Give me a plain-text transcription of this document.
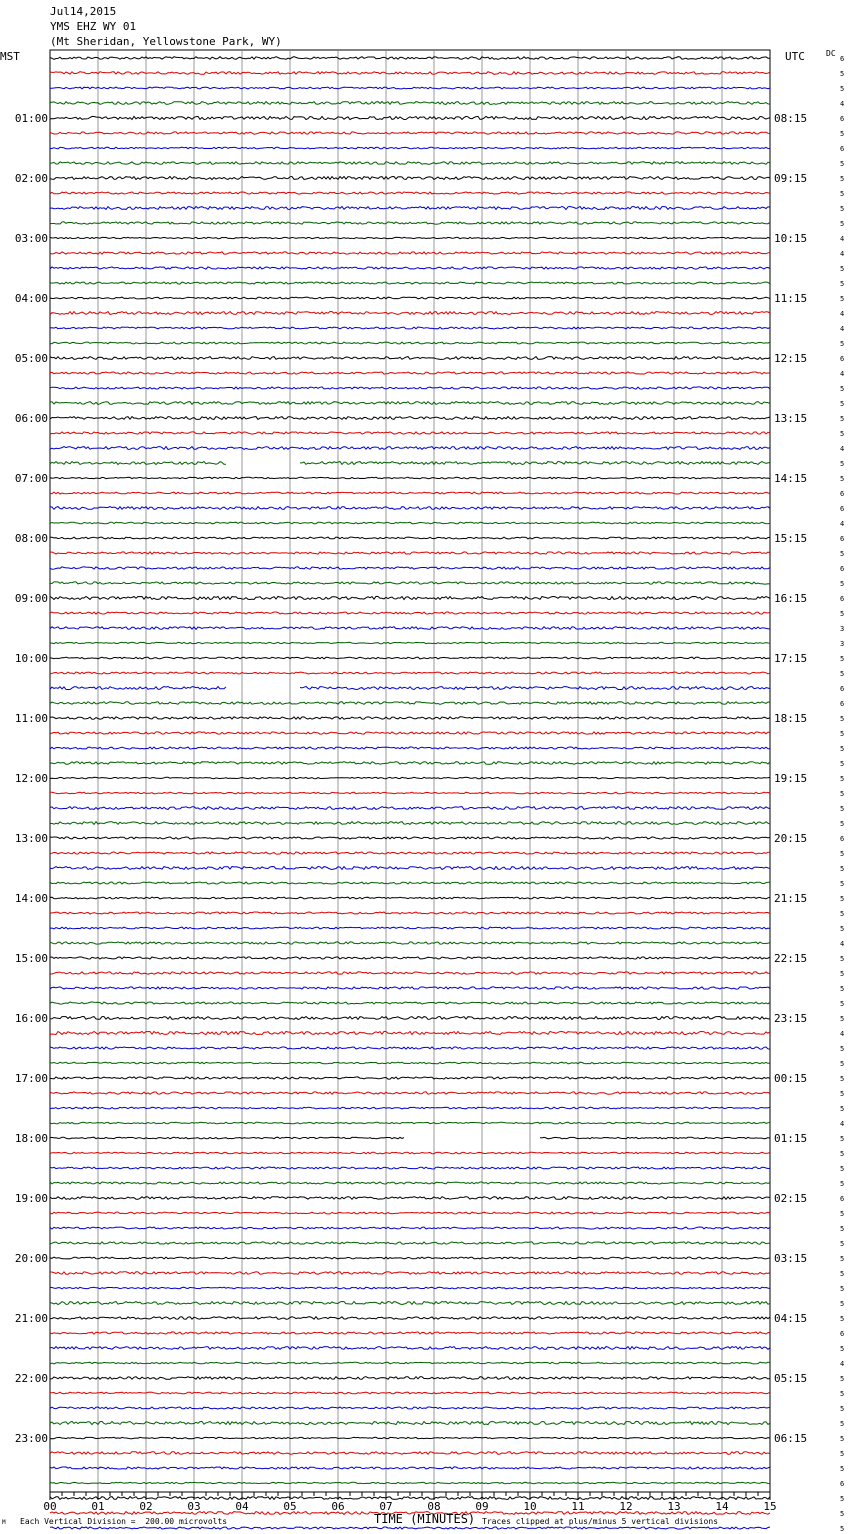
00	01	02	03	04	05	06	07	08	09	10	11	12	13	14	15
01:00
02:00
03:00
04:00
05:00
06:00
07:00
08:00
09:00
10:00
11:00
12:00
13:00
14:00
15:00
16:00
17:00
18:00
19:00
20:00
21:00
22:00
23:00
08:15
09:15
10:15
11:15
12:15
13:15
14:15
15:15
16:15
17:15
18:15
19:15
20:15
21:15
22:15
23:15
00:15
01:15
02:15
03:15
04:15
05:15
06:15
6
5
5
4
6
5
6
5
5
5
5
5
4
4
5
5
5
4
4
5
6
4
5
5
5
5
4
5
5
6
6
4
6
5
6
5
6
5
3
3
5
5
6
6
5
5
5
5
5
5
5
5
6
5
5
5
5
5
5
4
5
5
5
5
5
4
5
5
5
5
5
4
5
5
5
5
6
5
5
5
5
5
5
5
5
6
5
4
5
5
5
5
5
5
5
6
5
5
5
Jul14,2015
YMS EHZ WY 01
(Mt Sheridan, Yellowstone Park, WY)
MST	UTC	DC
TIME (MINUTES)
Each Vertical Division =  200.00 microvolts	Traces clipped at plus/minus 5 vertical divisions
M
